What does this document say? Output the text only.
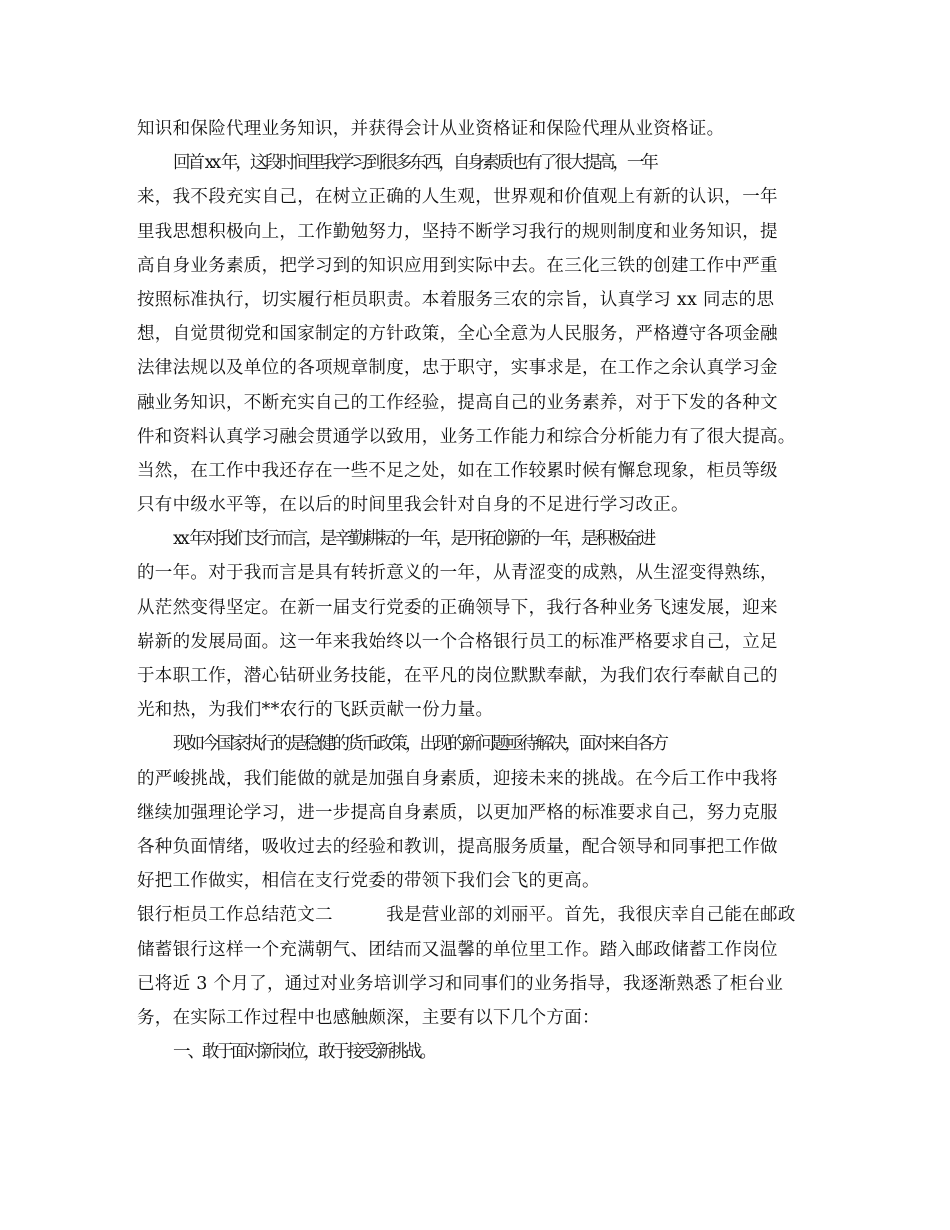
知识和保险代理业务知识，并获得会计从业资格证和保险代理从业资格证。
回首 xx 年，这段时间里我学习到很多东西，自身素质也有了很大提高，一年
来，我不段充实自己，在树立正确的人生观，世界观和价值观上有新的认识，一年
里我思想积极向上，工作勤勉努力，坚持不断学习我行的规则制度和业务知识，提
高自身业务素质，把学习到的知识应用到实际中去。在三化三铁的创建工作中严重
按照标准执行，切实履行柜员职责。本着服务三农的宗旨，认真学习 xx 同志的思
想，自觉贯彻党和国家制定的方针政策，全心全意为人民服务，严格遵守各项金融
法律法规以及单位的各项规章制度，忠于职守，实事求是，在工作之余认真学习金
融业务知识，不断充实自己的工作经验，提高自己的业务素养，对于下发的各种文
件和资料认真学习融会贯通学以致用，业务工作能力和综合分析能力有了很大提高。
当然，在工作中我还存在一些不足之处，如在工作较累时候有懈怠现象，柜员等级
只有中级水平等，在以后的时间里我会针对自身的不足进行学习改正。
xx 年对我们支行而言，是辛勤耕耘的一年，是开拓创新的一年，是积极奋进
的一年。对于我而言是具有转折意义的一年，从青涩变的成熟，从生涩变得熟练，
从茫然变得坚定。在新一届支行党委的正确领导下，我行各种业务飞速发展，迎来
崭新的发展局面。这一年来我始终以一个合格银行员工的标准严格要求自己，立足
于本职工作，潜心钻研业务技能，在平凡的岗位默默奉献，为我们农行奉献自己的
光和热，为我们**农行的飞跃贡献一份力量。
现如今国家执行的是稳健的货币政策，出现的新问题亟待解决，面对来自各方
的严峻挑战，我们能做的就是加强自身素质，迎接未来的挑战。在今后工作中我将
继续加强理论学习，进一步提高自身素质，以更加严格的标准要求自己，努力克服
各种负面情绪，吸收过去的经验和教训，提高服务质量，配合领导和同事把工作做
好把工作做实，相信在支行党委的带领下我们会飞的更高。
银行柜员工作总结范文二　　　我是营业部的刘丽平。首先，我很庆幸自己能在邮政
储蓄银行这样一个充满朝气、团结而又温馨的单位里工作。踏入邮政储蓄工作岗位
已将近 3 个月了，通过对业务培训学习和同事们的业务指导，我逐渐熟悉了柜台业
务，在实际工作过程中也感触颇深，主要有以下几个方面：
一、敢于面对新岗位，敢于接受新挑战。
